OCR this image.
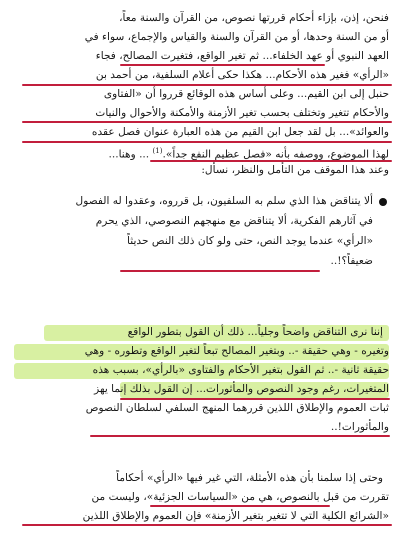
فنحن، إذن، بإزاء أحكام قررتها نصوص، من القرآن والسنة معاً،
أو من السنة وحدها، أو من القرآن والسنة والقياس والإجماع، سواء في
العهد النبوي أو عهد الخلفاء... ثم تغير الواقع، فتغيرت المصالح، فجاء
«الرأي» فغير هذه الأحكام... هكذا حكى أعلام السلفية، من أحمد بن
حنبل إلى ابن القيم... وعلى أساس هذه الوقائع قرروا أن «الفتاوى
والأحكام تتغير وتختلف بحسب تغير الأزمنة والأمكنة والأحوال والنيات
والعوائد»... بل لقد جعل ابن القيم من هذه العبارة عنوان فصل عقده
لهذا الموضوع، ووصفه بأنه «فصل عظيم النفع جداً».$^{(1)}$ ... وهنا...
وعند هذا الموقف من التأمل والنظر، نسأل:
ألا يتناقض هذا الذي سلم به السلفيون، بل قرروه، وعقدوا له الفصول
في آثارهم الفكرية، ألا يتناقض مع منهجهم النصوصي، الذي يحرم
«الرأي» عندما يوجد النص، حتى ولو كان ذلك النص حديثاً
ضعيفاً؟!..
إننا نرى التناقض واضحاً وجلياً... ذلك أن القول بتطور الواقع
وتغيره - وهي حقيقة -.. وبتغير المصالح تبعاً لتغير الواقع وتطوره - وهي
حقيقة ثانية -.. ثم القول بتغير الأحكام والفتاوى «بالرأي»، بسبب هذه
المتغيرات، رغم وجود النصوص والمأثورات... إن القول بذلك إنما يهز
ثبات العموم والإطلاق اللذين قررهما المنهج السلفي لسلطان النصوص
والمأثورات!..
وحتى إذا سلمنا بأن هذه الأمثلة، التي غير فيها «الرأي» أحكاماً
تقررت من قبل بالنصوص، هي من «السياسات الجزئية»، وليست من
«الشرائع الكلية التي لا تتغير بتغير الأزمنة» فإن العموم والإطلاق اللذين
